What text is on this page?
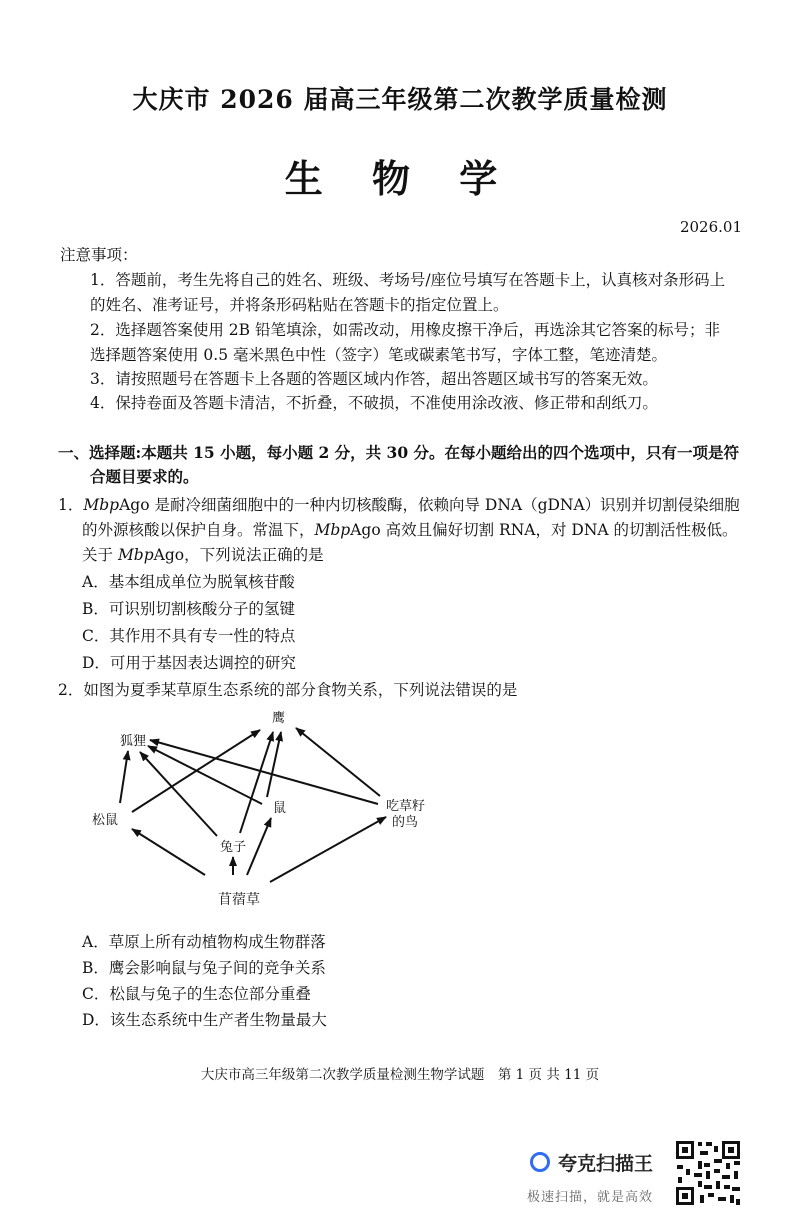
大庆市 2026 届高三年级第二次教学质量检测
生 物 学
2026.01
注意事项：
1．答题前，考生先将自己的姓名、班级、考场号/座位号填写在答题卡上，认真核对条形码上
的姓名、准考证号，并将条形码粘贴在答题卡的指定位置上。
2．选择题答案使用 2B 铅笔填涂，如需改动，用橡皮擦干净后，再选涂其它答案的标号；非
选择题答案使用 0.5 毫米黑色中性（签字）笔或碳素笔书写，字体工整，笔迹清楚。
3．请按照题号在答题卡上各题的答题区域内作答，超出答题区域书写的答案无效。
4．保持卷面及答题卡清洁，不折叠，不破损，不准使用涂改液、修正带和刮纸刀。
一、选择题:本题共 15 小题，每小题 2 分，共 30 分。在每小题给出的四个选项中，只有一项是符
合题目要求的。
1．MbpAgo 是耐冷细菌细胞中的一种内切核酸酶，依赖向导 DNA（gDNA）识别并切割侵染细胞
的外源核酸以保护自身。常温下，MbpAgo 高效且偏好切割 RNA，对 DNA 的切割活性极低。
关于 MbpAgo，下列说法正确的是
A．基本组成单位为脱氧核苷酸
B．可识别切割核酸分子的氢键
C．其作用不具有专一性的特点
D．可用于基因表达调控的研究
2．如图为夏季某草原生态系统的部分食物关系，下列说法错误的是
鹰
狐狸
松鼠
鼠
兔子
吃草籽
的鸟
苜蓿草
A．草原上所有动植物构成生物群落
B．鹰会影响鼠与兔子间的竞争关系
C．松鼠与兔子的生态位部分重叠
D．该生态系统中生产者生物量最大
大庆市高三年级第二次教学质量检测生物学试题　第 1 页 共 11 页
夸克扫描王
极速扫描，就是高效
